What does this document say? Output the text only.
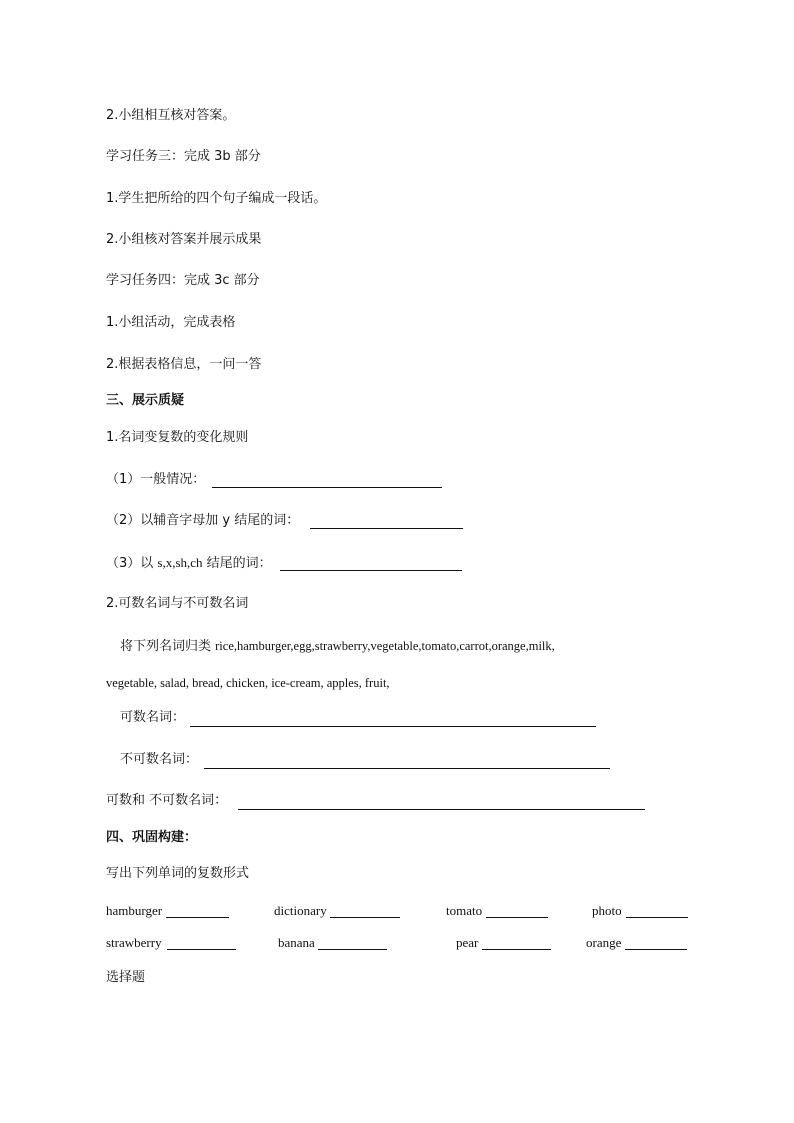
2.小组相互核对答案。
学习任务三：完成 3b 部分
1.学生把所给的四个句子编成一段话。
2.小组核对答案并展示成果
学习任务四：完成 3c 部分
1.小组活动，完成表格
2.根据表格信息，一问一答
三、展示质疑
1.名词变复数的变化规则
（1）一般情况：
（2）以辅音字母加 y 结尾的词：
（3）以 s,x,sh,ch 结尾的词：
2.可数名词与不可数名词
将下列名词归类 rice,hamburger,egg,strawberry,vegetable,tomato,carrot,orange,milk,
vegetable, salad, bread, chicken, ice-cream, apples, fruit,
可数名词：
不可数名词：
可数和 不可数名词：
四、巩固构建：
写出下列单词的复数形式
hamburger	dictionary	tomato	photo
strawberry	banana	pear	orange
选择题
